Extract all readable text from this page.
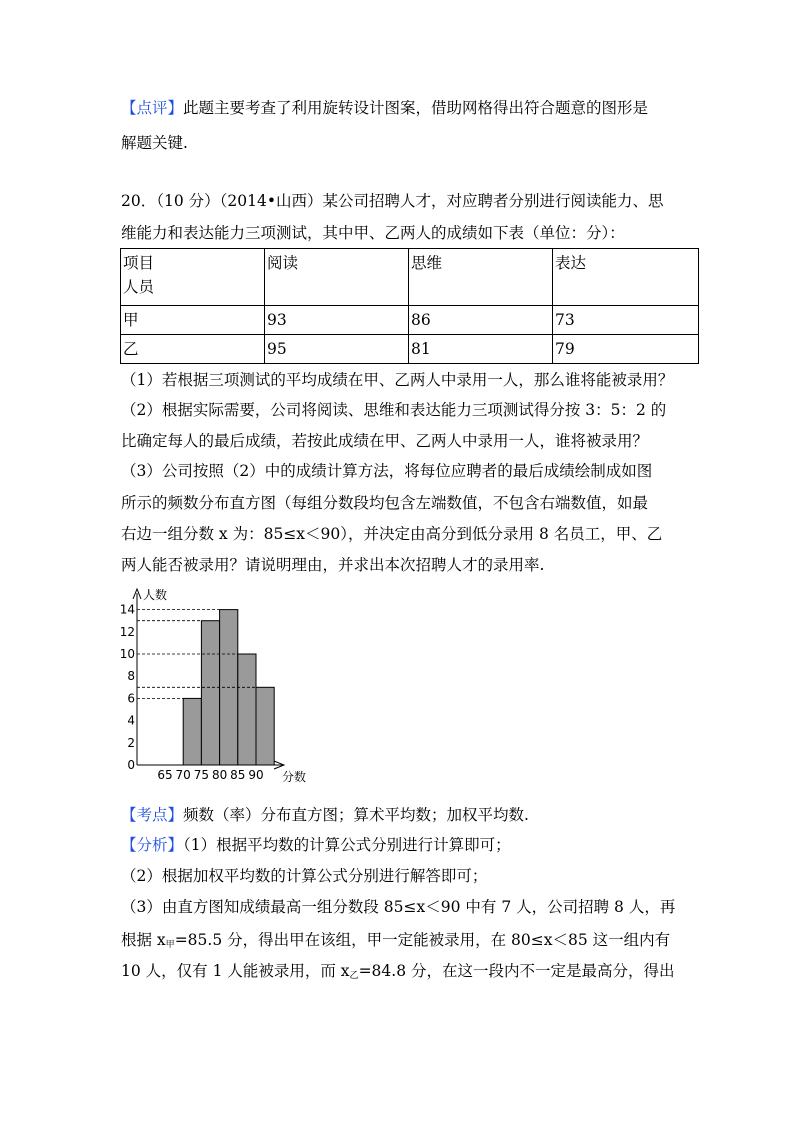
【点评】此题主要考查了利用旋转设计图案，借助网格得出符合题意的图形是
解题关键.
20．（10 分）（2014•山西）某公司招聘人才，对应聘者分别进行阅读能力、思
维能力和表达能力三项测试，其中甲、乙两人的成绩如下表（单位：分）：
项目
人员	阅读	思维	表达
甲	93	86	73
乙	95	81	79
（1）若根据三项测试的平均成绩在甲、乙两人中录用一人，那么谁将能被录用？
（2）根据实际需要，公司将阅读、思维和表达能力三项测试得分按 3：5：2 的
比确定每人的最后成绩，若按此成绩在甲、乙两人中录用一人，谁将被录用？
（3）公司按照（2）中的成绩计算方法，将每位应聘者的最后成绩绘制成如图
所示的频数分布直方图（每组分数段均包含左端数值，不包含右端数值，如最
右边一组分数 x 为：85≤x＜90），并决定由高分到低分录用 8 名员工，甲、乙
两人能否被录用？请说明理由，并求出本次招聘人才的录用率.
0
2
4
6
8
10
12
14
65 70 75 80 85 90
人数
分数
【考点】频数（率）分布直方图；算术平均数；加权平均数.
【分析】（1）根据平均数的计算公式分别进行计算即可；
（2）根据加权平均数的计算公式分别进行解答即可；
（3）由直方图知成绩最高一组分数段 85≤x＜90 中有 7 人，公司招聘 8 人，再
根据 $x_甲=85.5$ 分，得出甲在该组，甲一定能被录用，在 80≤x＜85 这一组内有
10 人，仅有 1 人能被录用，而 $x_乙=84.8$ 分，在这一段内不一定是最高分，得出
